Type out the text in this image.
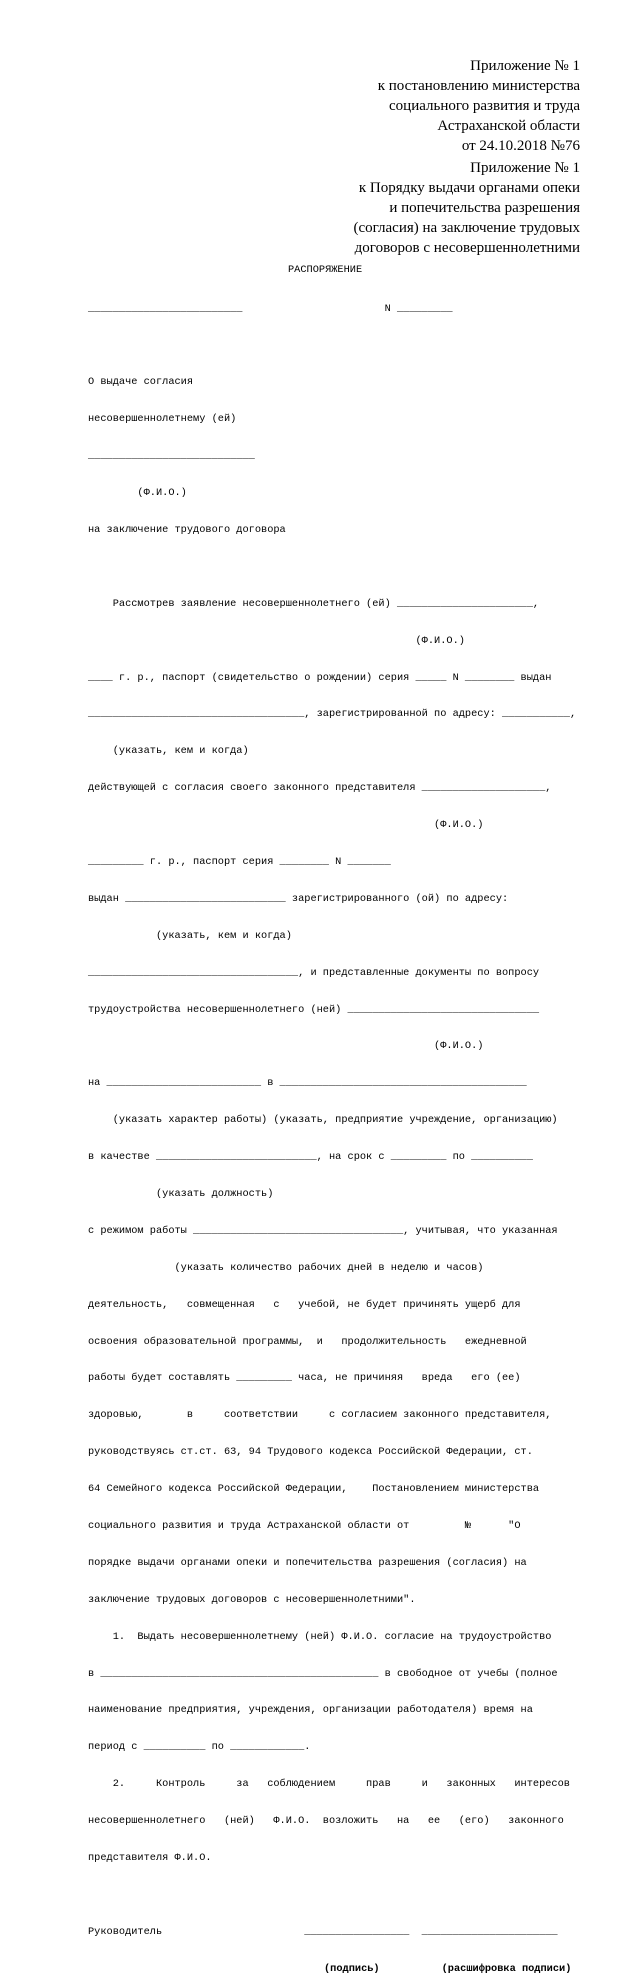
Приложение № 1
к постановлению министерства
социального развития и труда
Астраханской области
от 24.10.2018 №76
Приложение № 1
к Порядку выдачи органами опеки
и попечительства разрешения
(согласия) на заключение трудовых
договоров с несовершеннолетними
РАСПОРЯЖЕНИЕ

_________________________                       N _________

О выдаче согласия

несовершеннолетнему (ей)

___________________________

(Ф.И.О.)

на заключение трудового договора

Рассмотрев заявление несовершеннолетнего (ей) ______________________,

(Ф.И.О.)

____ г. р., паспорт (свидетельство о рождении) серия _____ N ________ выдан

___________________________________, зарегистрированной по адресу: ___________,

(указать, кем и когда)

действующей с согласия своего законного представителя ____________________,

(Ф.И.О.)

_________ г. р., паспорт серия ________ N _______

выдан __________________________ зарегистрированного (ой) по адресу:

(указать, кем и когда)

__________________________________, и представленные документы по вопросу

трудоустройства несовершеннолетнего (ней) _______________________________

(Ф.И.О.)

на _________________________ в ________________________________________

(указать характер работы) (указать, предприятие учреждение, организацию)

в качестве __________________________, на срок с _________ по __________

(указать должность)

с режимом работы __________________________________, учитывая, что указанная

(указать количество рабочих дней в неделю и часов)

деятельность,   совмещенная   с   учебой, не будет причинять ущерб для

освоения образовательной программы,  и   продолжительность   ежедневной

работы будет составлять _________ часа, не причиняя   вреда   его (ее)

здоровью,       в     соответствии     с согласием законного представителя,

руководствуясь ст.ст. 63, 94 Трудового кодекса Российской Федерации, ст.

64 Семейного кодекса Российской Федерации,    Постановлением министерства

социального развития и труда Астраханской области от         №      "О

порядке выдачи органами опеки и попечительства разрешения (согласия) на

заключение трудовых договоров с несовершеннолетними".

1.  Выдать несовершеннолетнему (ней) Ф.И.О. согласие на трудоустройство

в _____________________________________________ в свободное от учебы (полное

наименование предприятия, учреждения, организации работодателя) время на

период с __________ по ____________.

2.     Контроль     за   соблюдением     прав     и   законных   интересов

несовершеннолетнего   (ней)   Ф.И.О.  возложить   на   ее   (его)   законного

представителя Ф.И.О.

Руководитель                       _________________  ______________________

(подпись)	(расшифровка подписи)
